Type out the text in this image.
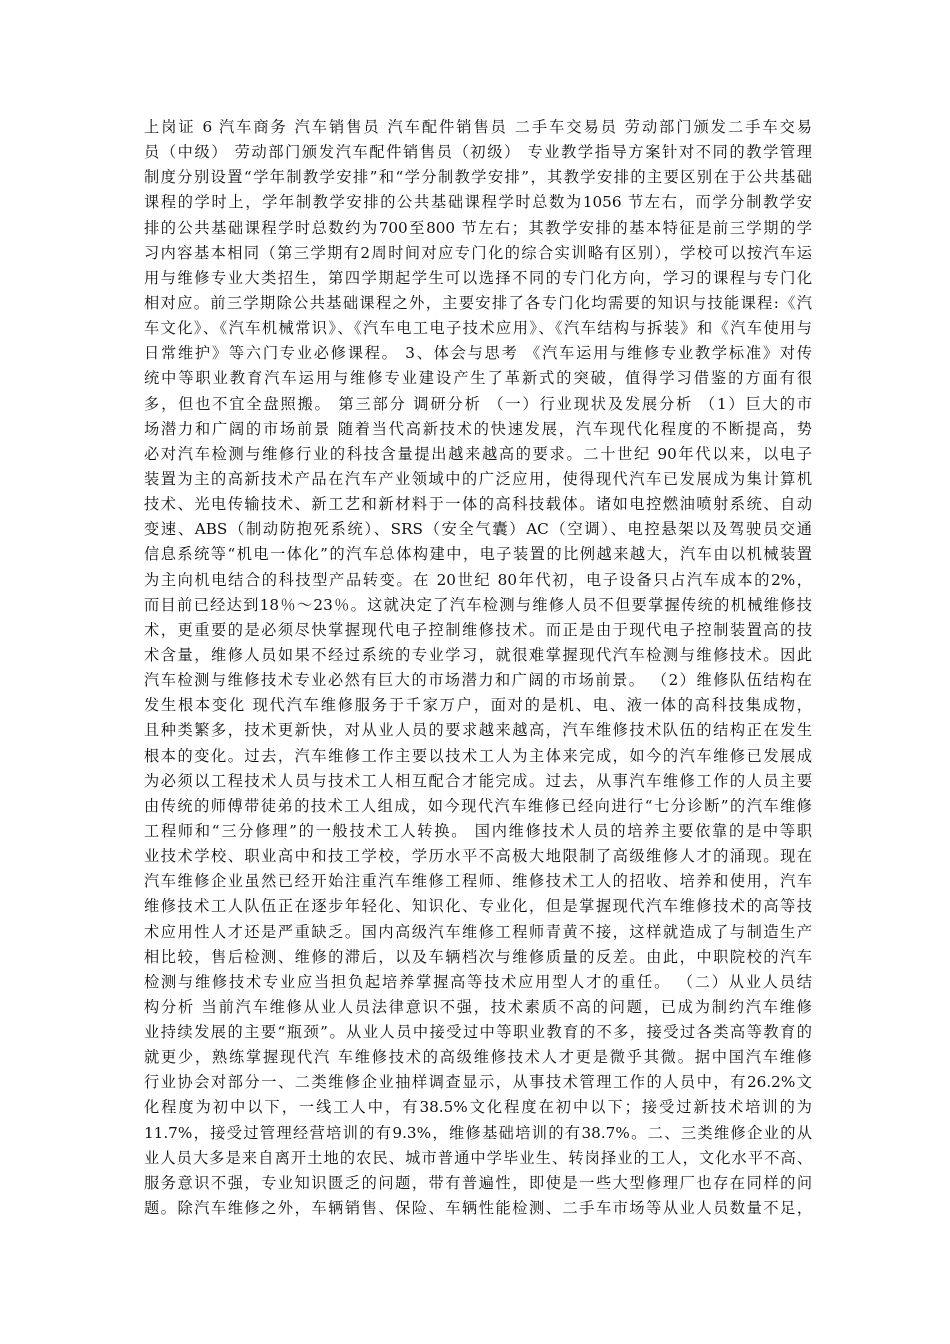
上岗证 6 汽车商务 汽车销售员 汽车配件销售员 二手车交易员 劳动部门颁发二手车交易
员（中级） 劳动部门颁发汽车配件销售员（初级） 专业教学指导方案针对不同的教学管理
制度分别设置“学年制教学安排”和“学分制教学安排”，其教学安排的主要区别在于公共基础
课程的学时上，学年制教学安排的公共基础课程学时总数为1056 节左右，而学分制教学安
排的公共基础课程学时总数约为700至800 节左右；其教学安排的基本特征是前三学期的学
习内容基本相同（第三学期有2周时间对应专门化的综合实训略有区别），学校可以按汽车运
用与维修专业大类招生，第四学期起学生可以选择不同的专门化方向，学习的课程与专门化
相对应。前三学期除公共基础课程之外，主要安排了各专门化均需要的知识与技能课程:《汽
车文化》、《汽车机械常识》、《汽车电工电子技术应用》、《汽车结构与拆装》和《汽车使用与
日常维护》等六门专业必修课程。 3、体会与思考 《汽车运用与维修专业教学标准》对传
统中等职业教育汽车运用与维修专业建设产生了革新式的突破，值得学习借鉴的方面有很
多，但也不宜全盘照搬。 第三部分 调研分析 （一）行业现状及发展分析 （1）巨大的市
场潜力和广阔的市场前景 随着当代高新技术的快速发展，汽车现代化程度的不断提高，势
必对汽车检测与维修行业的科技含量提出越来越高的要求。二十世纪 90年代以来，以电子
装置为主的高新技术产品在汽车产业领域中的广泛应用，使得现代汽车已发展成为集计算机
技术、光电传输技术、新工艺和新材料于一体的高科技载体。诸如电控燃油喷射系统、自动
变速、ABS（制动防抱死系统）、SRS（安全气囊）AC（空调）、电控悬架以及驾驶员交通
信息系统等“机电一体化”的汽车总体构建中，电子装置的比例越来越大，汽车由以机械装置
为主向机电结合的科技型产品转变。在 20世纪 80年代初，电子设备只占汽车成本的2%，
而目前已经达到18％～23％。这就决定了汽车检测与维修人员不但要掌握传统的机械维修技
术，更重要的是必须尽快掌握现代电子控制维修技术。而正是由于现代电子控制装置高的技
术含量，维修人员如果不经过系统的专业学习，就很难掌握现代汽车检测与维修技术。因此
汽车检测与维修技术专业必然有巨大的市场潜力和广阔的市场前景。 （2）维修队伍结构在
发生根本变化 现代汽车维修服务于千家万户，面对的是机、电、液一体的高科技集成物，
且种类繁多，技术更新快，对从业人员的要求越来越高，汽车维修技术队伍的结构正在发生
根本的变化。过去，汽车维修工作主要以技术工人为主体来完成，如今的汽车维修已发展成
为必须以工程技术人员与技术工人相互配合才能完成。过去，从事汽车维修工作的人员主要
由传统的师傅带徒弟的技术工人组成，如今现代汽车维修已经向进行“七分诊断”的汽车维修
工程师和“三分修理”的一般技术工人转换。 国内维修技术人员的培养主要依靠的是中等职
业技术学校、职业高中和技工学校，学历水平不高极大地限制了高级维修人才的涌现。现在
汽车维修企业虽然已经开始注重汽车维修工程师、维修技术工人的招收、培养和使用，汽车
维修技术工人队伍正在逐步年轻化、知识化、专业化，但是掌握现代汽车维修技术的高等技
术应用性人才还是严重缺乏。国内高级汽车维修工程师青黄不接，这样就造成了与制造生产
相比较，售后检测、维修的滞后，以及车辆档次与维修质量的反差。由此，中职院校的汽车
检测与维修技术专业应当担负起培养掌握高等技术应用型人才的重任。 （二）从业人员结
构分析 当前汽车维修从业人员法律意识不强，技术素质不高的问题，已成为制约汽车维修
业持续发展的主要“瓶颈”。从业人员中接受过中等职业教育的不多，接受过各类高等教育的
就更少，熟练掌握现代汽 车维修技术的高级维修技术人才更是微乎其微。据中国汽车维修
行业协会对部分一、二类维修企业抽样调查显示，从事技术管理工作的人员中，有26.2%文
化程度为初中以下，一线工人中，有38.5%文化程度在初中以下；接受过新技术培训的为
11.7%，接受过管理经营培训的有9.3%，维修基础培训的有38.7%。二、三类维修企业的从
业人员大多是来自离开土地的农民、城市普通中学毕业生、转岗择业的工人，文化水平不高、
服务意识不强，专业知识匮乏的问题，带有普遍性，即使是一些大型修理厂也存在同样的问
题。除汽车维修之外，车辆销售、保险、车辆性能检测、二手车市场等从业人员数量不足，
